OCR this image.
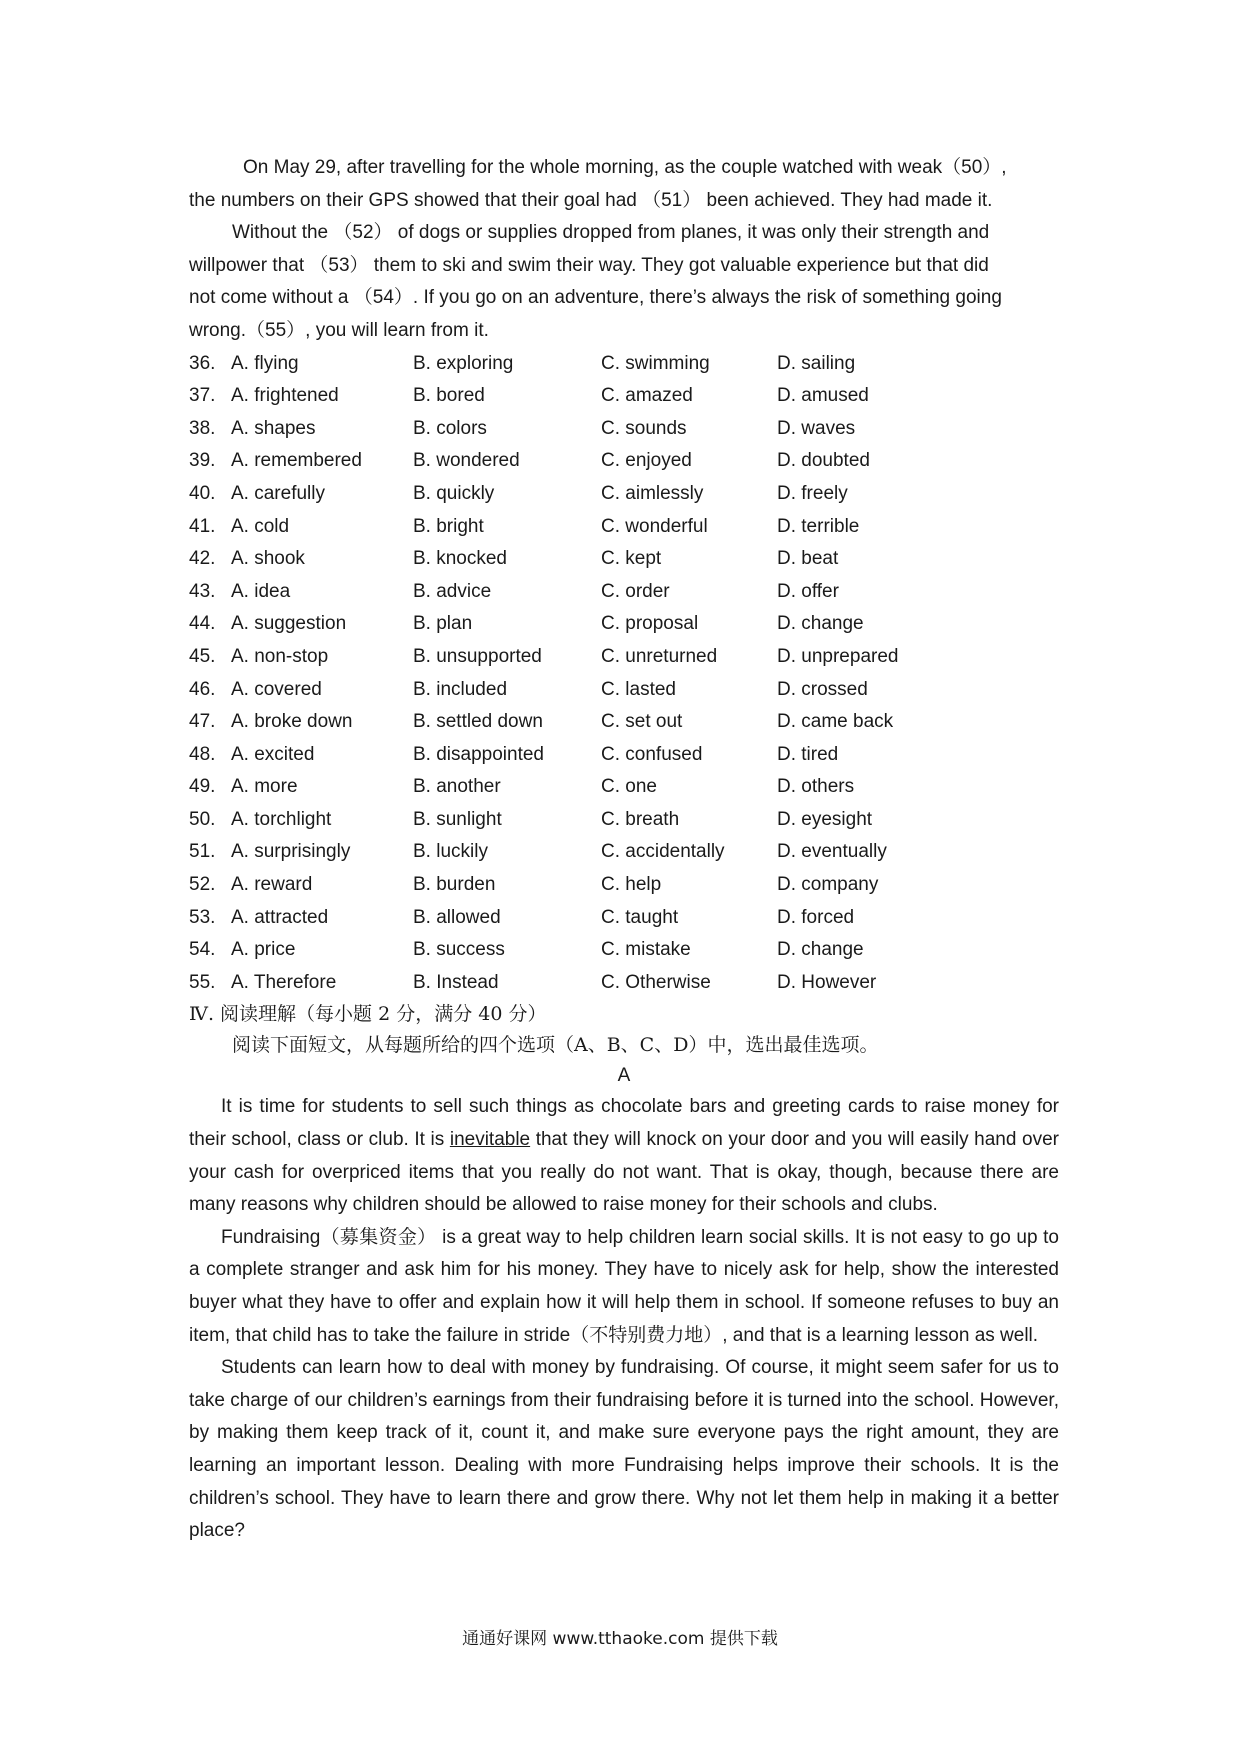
On May 29, after travelling for the whole morning, as the couple watched with weak（50）,
the numbers on their GPS showed that their goal had （51） been achieved. They had made it.

Without the （52） of dogs or supplies dropped from planes, it was only their strength and
willpower that （53） them to ski and swim their way. They got valuable experience but that did
not come without a （54）. If you go on an adventure, there’s always the risk of something going
wrong.（55）, you will learn from it.

36. A. flying	B. exploring	C. swimming	D. sailing
37. A. frightened	B. bored	C. amazed	D. amused
38. A. shapes	B. colors	C. sounds	D. waves
39. A. remembered	B. wondered	C. enjoyed	D. doubted
40. A. carefully	B. quickly	C. aimlessly	D. freely
41. A. cold	B. bright	C. wonderful	D. terrible
42. A. shook	B. knocked	C. kept	D. beat
43. A. idea	B. advice	C. order	D. offer
44. A. suggestion	B. plan	C. proposal	D. change
45. A. non-stop	B. unsupported	C. unreturned	D. unprepared
46. A. covered	B. included	C. lasted	D. crossed
47. A. broke down	B. settled down	C. set out	D. came back
48. A. excited	B. disappointed	C. confused	D. tired
49. A. more	B. another	C. one	D. others
50. A. torchlight	B. sunlight	C. breath	D. eyesight
51. A. surprisingly	B. luckily	C. accidentally	D. eventually
52. A. reward	B. burden	C. help	D. company
53. A. attracted	B. allowed	C. taught	D. forced
54. A. price	B. success	C. mistake	D. change
55. A. Therefore	B. Instead	C. Otherwise	D. However

Ⅳ. 阅读理解（每小题 2 分，满分 40 分）

阅读下面短文，从每题所给的四个选项（A、B、C、D）中，选出最佳选项。

A

It is time for students to sell such things as chocolate bars and greeting cards to raise money for their school, class or club. It is inevitable that they will knock on your door and you will easily hand over your cash for overpriced items that you really do not want. That is okay, though, because there are many reasons why children should be allowed to raise money for their schools and clubs.

Fundraising（募集资金） is a great way to help children learn social skills. It is not easy to go up to a complete stranger and ask him for his money. They have to nicely ask for help, show the interested buyer what they have to offer and explain how it will help them in school. If someone refuses to buy an item, that child has to take the failure in stride（不特别费力地）, and that is a learning lesson as well.

Students can learn how to deal with money by fundraising. Of course, it might seem safer for us to take charge of our children’s earnings from their fundraising before it is turned into the school. However, by making them keep track of it, count it, and make sure everyone pays the right amount, they are learning an important lesson. Dealing with more Fundraising helps improve their schools. It is the children’s school. They have to learn there and grow there. Why not let them help in making it a better place?

通通好课网 www.tthaoke.com 提供下载
